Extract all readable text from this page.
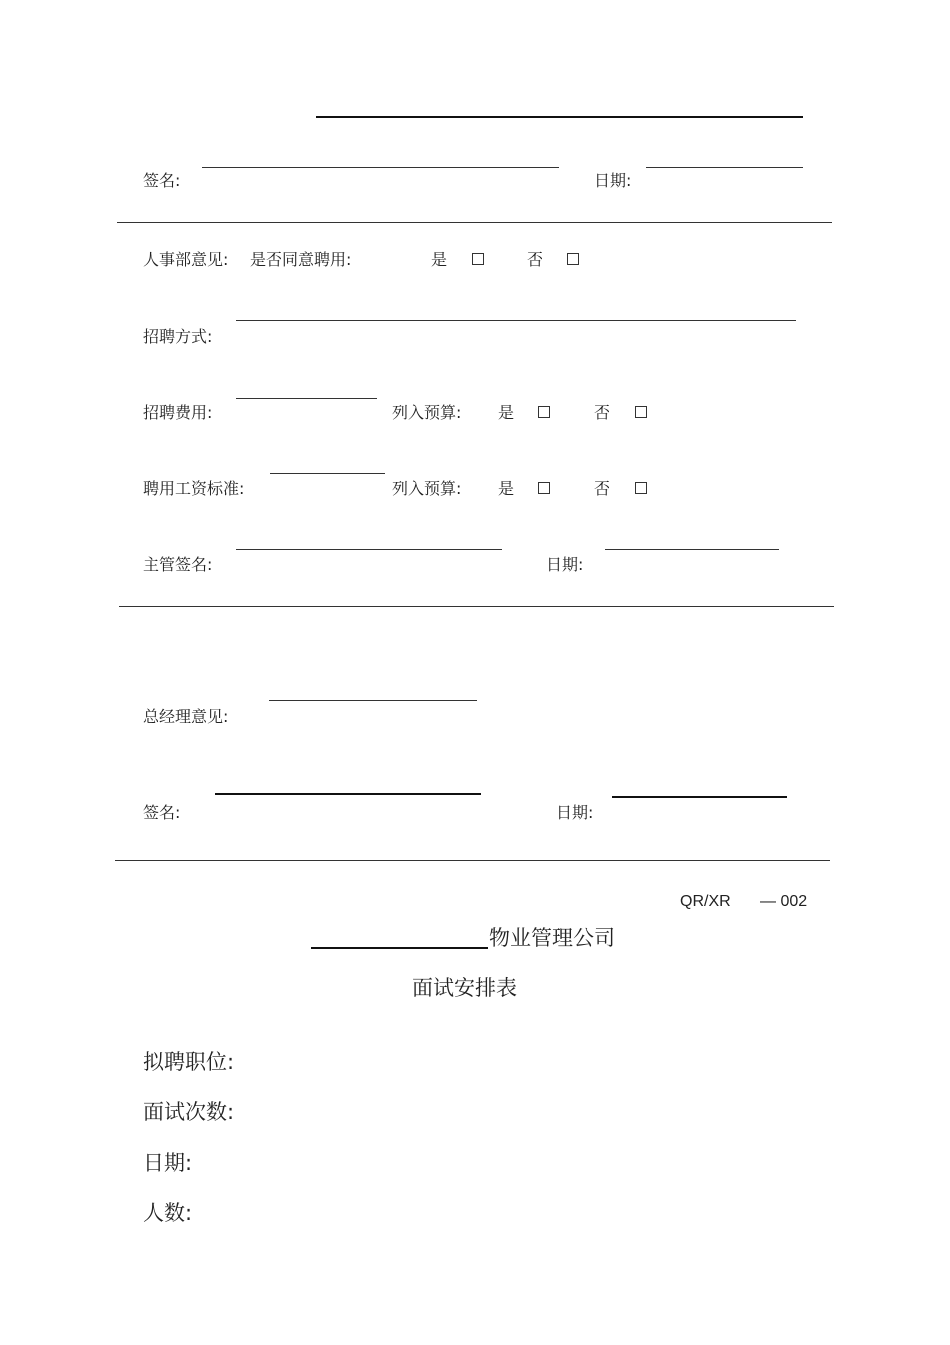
签名:	日期:
人事部意见: 是否同意聘用:	是	否
招聘方式:
招聘费用:	列入预算: 是	否
聘用工资标准:	列入预算: 是	否
主管签名:	日期:
总经理意见:
签名:	日期:
QR/XR — 002
物业管理公司
面试安排表
拟聘职位:
面试次数:
日期:
人数:
